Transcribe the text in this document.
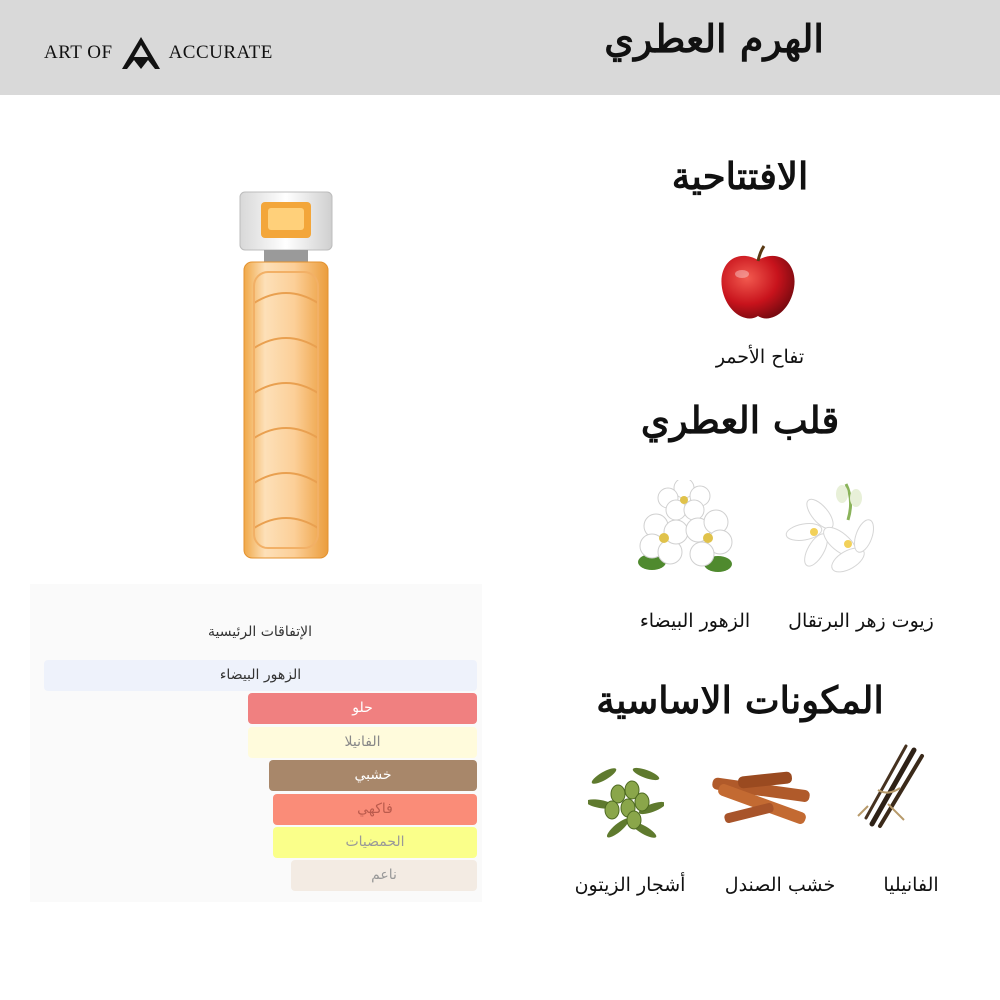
ART OF	ACCURATE	الهرم العطري
الإتفاقات الرئيسية
الزهور البيضاء
حلو
الفانيلا
خشبي
فاكهي
الحمضيات
ناعم
الافتتاحية
تفاح الأحمر
قلب العطري
زيوت زهر البرتقال
الزهور البيضاء
المكونات الاساسية
الفانيليا
خشب الصندل
أشجار الزيتون
